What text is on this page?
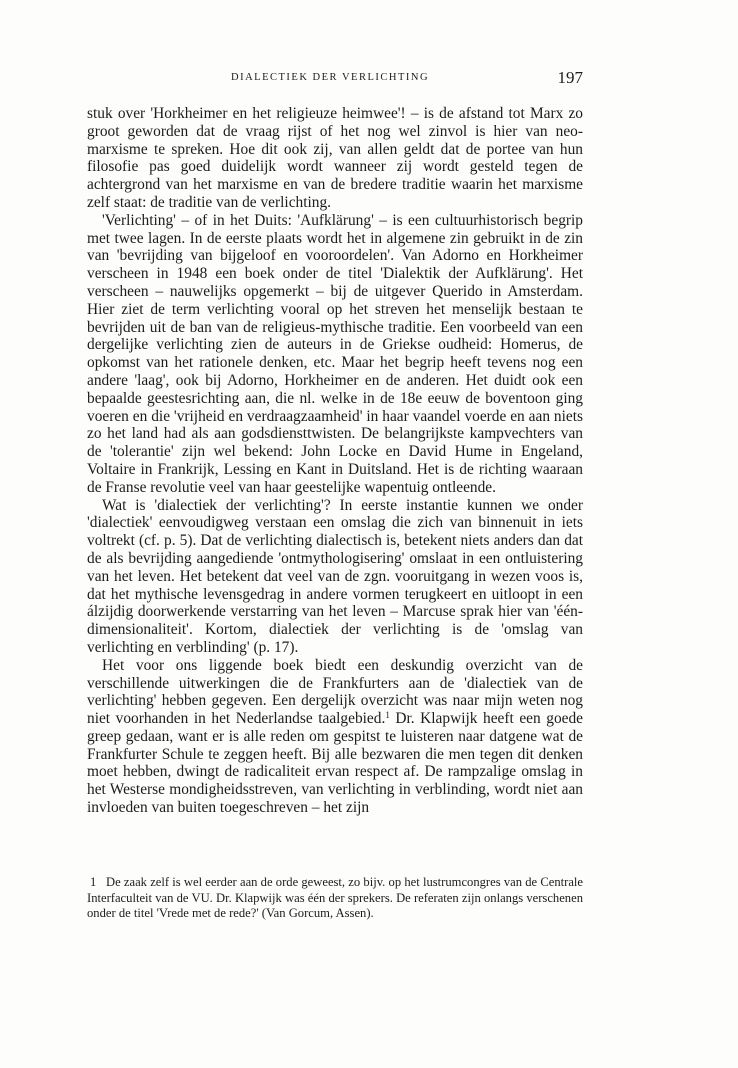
DIALECTIEK DER VERLICHTING	197

stuk over 'Horkheimer en het religieuze heimwee'! – is de afstand tot Marx zo groot geworden dat de vraag rijst of het nog wel zinvol is hier van neo-marxisme te spreken. Hoe dit ook zij, van allen geldt dat de portee van hun filosofie pas goed duidelijk wordt wanneer zij wordt gesteld tegen de achtergrond van het marxisme en van de bredere traditie waarin het marxisme zelf staat: de traditie van de verlichting.

'Verlichting' – of in het Duits: 'Aufklärung' – is een cultuurhistorisch begrip met twee lagen. In de eerste plaats wordt het in algemene zin gebruikt in de zin van 'bevrijding van bijgeloof en vooroordelen'. Van Adorno en Horkheimer verscheen in 1948 een boek onder de titel 'Dialektik der Aufklärung'. Het verscheen – nauwelijks opgemerkt – bij de uitgever Querido in Amsterdam. Hier ziet de term verlichting vooral op het streven het menselijk bestaan te bevrijden uit de ban van de religieus-mythische traditie. Een voorbeeld van een dergelijke verlichting zien de auteurs in de Griekse oudheid: Homerus, de opkomst van het rationele denken, etc. Maar het begrip heeft tevens nog een andere 'laag', ook bij Adorno, Horkheimer en de anderen. Het duidt ook een bepaalde geestesrichting aan, die nl. welke in de 18e eeuw de boventoon ging voeren en die 'vrijheid en verdraagzaamheid' in haar vaandel voerde en aan niets zo het land had als aan godsdiensttwisten. De belangrijkste kampvechters van de 'tolerantie' zijn wel bekend: John Locke en David Hume in Engeland, Voltaire in Frankrijk, Lessing en Kant in Duitsland. Het is de richting waaraan de Franse revolutie veel van haar geestelijke wapentuig ontleende.

Wat is 'dialectiek der verlichting'? In eerste instantie kunnen we onder 'dialectiek' eenvoudigweg verstaan een omslag die zich van binnenuit in iets voltrekt (cf. p. 5). Dat de verlichting dialectisch is, betekent niets anders dan dat de als bevrijding aangediende 'ontmythologisering' omslaat in een ontluistering van het leven. Het betekent dat veel van de zgn. vooruitgang in wezen voos is, dat het mythische levensgedrag in andere vormen terugkeert en uitloopt in een álzijdig doorwerkende verstarring van het leven – Marcuse sprak hier van 'één-dimensionaliteit'. Kortom, dialectiek der verlichting is de 'omslag van verlichting en verblinding' (p. 17).

Het voor ons liggende boek biedt een deskundig overzicht van de verschillende uitwerkingen die de Frankfurters aan de 'dialectiek van de verlichting' hebben gegeven. Een dergelijk overzicht was naar mijn weten nog niet voorhanden in het Nederlandse taalgebied.$^1$ Dr. Klapwijk heeft een goede greep gedaan, want er is alle reden om gespitst te luisteren naar datgene wat de Frankfurter Schule te zeggen heeft. Bij alle bezwaren die men tegen dit denken moet hebben, dwingt de radicaliteit ervan respect af. De rampzalige omslag in het Westerse mondigheidsstreven, van verlichting in verblinding, wordt niet aan invloeden van buiten toegeschreven – het zijn

1 De zaak zelf is wel eerder aan de orde geweest, zo bijv. op het lustrumcongres van de Centrale Interfaculteit van de VU. Dr. Klapwijk was één der sprekers. De referaten zijn onlangs verschenen onder de titel 'Vrede met de rede?' (Van Gorcum, Assen).
